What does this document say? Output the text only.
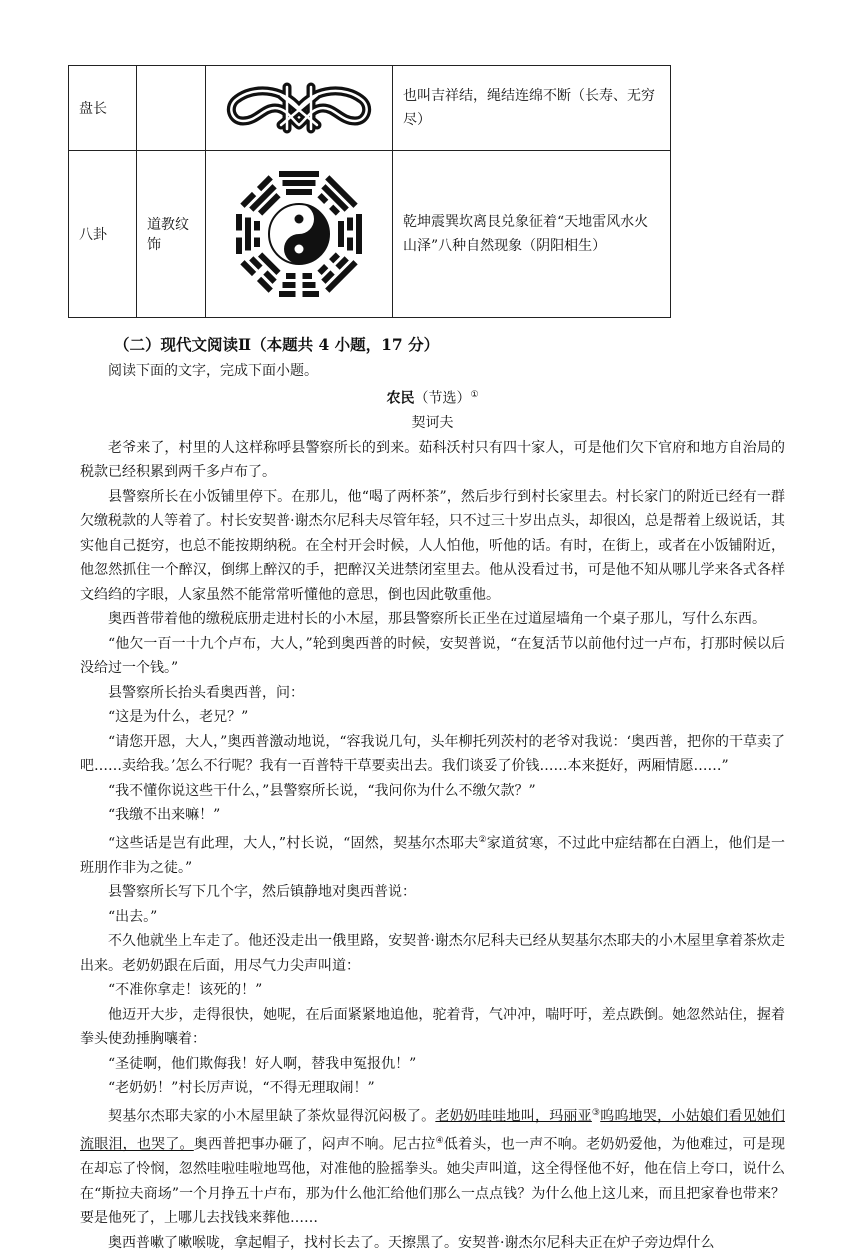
盘长			也叫吉祥结，绳结连绵不断（长寿、无穷尽）
八卦	道教纹饰		乾坤震巽坎离艮兑象征着“天地雷风水火山泽”八种自然现象（阴阳相生）

（二）现代文阅读Ⅱ（本题共 4 小题，17 分）

阅读下面的文字，完成下面小题。

农民（节选）①

契诃夫

老爷来了，村里的人这样称呼县警察所长的到来。茹科沃村只有四十家人，可是他们欠下官府和地方自治局的税款已经积累到两千多卢布了。

县警察所长在小饭铺里停下。在那儿，他“喝了两杯茶”，然后步行到村长家里去。村长家门的附近已经有一群欠缴税款的人等着了。村长安契普·谢杰尔尼科夫尽管年轻，只不过三十岁出点头，却很凶，总是帮着上级说话，其实他自己挺穷，也总不能按期纳税。在全村开会时候，人人怕他，听他的话。有时，在街上，或者在小饭铺附近，他忽然抓住一个醉汉，倒绑上醉汉的手，把醉汉关进禁闭室里去。他从没看过书，可是他不知从哪儿学来各式各样文绉绉的字眼，人家虽然不能常常听懂他的意思，倒也因此敬重他。

奥西普带着他的缴税底册走进村长的小木屋，那县警察所长正坐在过道屋墙角一个桌子那儿，写什么东西。

“他欠一百一十九个卢布，大人，”轮到奥西普的时候，安契普说，“在复活节以前他付过一卢布，打那时候以后没给过一个钱。”

县警察所长抬头看奥西普，问：

“这是为什么，老兄？”

“请您开恩，大人，”奥西普激动地说，“容我说几句，头年柳托列茨村的老爷对我说：‘奥西普，把你的干草卖了吧……卖给我。’怎么不行呢？我有一百普特干草要卖出去。我们谈妥了价钱……本来挺好，两厢情愿……”

“我不懂你说这些干什么，”县警察所长说，“我问你为什么不缴欠款？”

“我缴不出来嘛！”

“这些话是岂有此理，大人，”村长说，“固然，契基尔杰耶夫②家道贫寒，不过此中症结都在白酒上，他们是一班朋作非为之徒。”

县警察所长写下几个字，然后镇静地对奥西普说：

“出去。”

不久他就坐上车走了。他还没走出一俄里路，安契普·谢杰尔尼科夫已经从契基尔杰耶夫的小木屋里拿着茶炊走出来。老奶奶跟在后面，用尽气力尖声叫道：

“不准你拿走！该死的！”

他迈开大步，走得很快，她呢，在后面紧紧地追他，驼着背，气冲冲，喘吁吁，差点跌倒。她忽然站住，握着拳头使劲捶胸嚷着：

“圣徒啊，他们欺侮我！好人啊，替我申冤报仇！”

“老奶奶！”村长厉声说，“不得无理取闹！”

契基尔杰耶夫家的小木屋里缺了茶炊显得沉闷极了。老奶奶哇哇地叫，玛丽亚③呜呜地哭，小姑娘们看见她们流眼泪，也哭了。奥西普把事办砸了，闷声不响。尼古拉④低着头，也一声不响。老奶奶爱他，为他难过，可是现在却忘了怜悯，忽然哇啦哇啦地骂他，对准他的脸摇拳头。她尖声叫道，这全得怪他不好，他在信上夸口，说什么在“斯拉夫商场”一个月挣五十卢布，那为什么他汇给他们那么一点点钱？为什么他上这儿来，而且把家眷也带来？要是他死了，上哪儿去找钱来葬他……

奥西普嗽了嗽喉咙，拿起帽子，找村长去了。天擦黑了。安契普·谢杰尔尼科夫正在炉子旁边焊什么
